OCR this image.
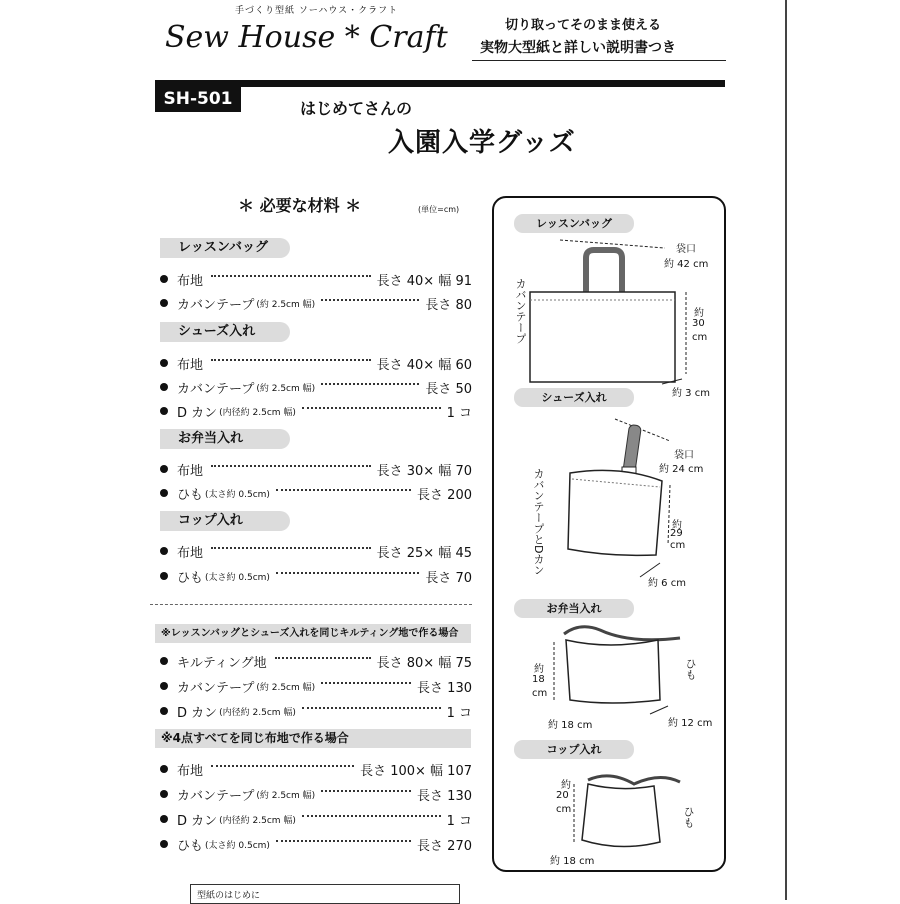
手づくり型紙 ソーハウス・クラフト
Sew House * Craft	切り取ってそのまま使える
実物大型紙と詳しい説明書つき
SH-501	はじめてさんの
入園入学グッズ
＊ 必要な材料 ＊	(単位=cm)
レッスンバッグ
布地	長さ 40× 幅 91
カバンテープ (約 2.5cm 幅)	長さ 80
シューズ入れ
布地	長さ 40× 幅 60
カバンテープ (約 2.5cm 幅)	長さ 50
D カン (内径約 2.5cm 幅)	1 コ
お弁当入れ
布地	長さ 30× 幅 70
ひも (太さ約 0.5cm)	長さ 200
コップ入れ
布地	長さ 25× 幅 45
ひも (太さ約 0.5cm)	長さ 70
※レッスンバッグとシューズ入れを同じキルティング地で作る場合
キルティング地	長さ 80× 幅 75
カバンテープ (約 2.5cm 幅)	長さ 130
D カン (内径約 2.5cm 幅)	1 コ
※4点すべてを同じ布地で作る場合
布地	長さ 100× 幅 107
カバンテープ (約 2.5cm 幅)	長さ 130
D カン (内径約 2.5cm 幅)	1 コ
ひも (太さ約 0.5cm)	長さ 270
レッスンバッグ
袋口
約 42 cm
カバンテープ	約
30
cm
約 3 cm
シューズ入れ
袋口
約 24 cm
カバンテープとDカン	約
29
cm
約 6 cm
お弁当入れ
約
18
cm
約 18 cm	約 12 cm
ひも
コップ入れ
約
20
cm
約 18 cm
ひも
型紙のはじめに
